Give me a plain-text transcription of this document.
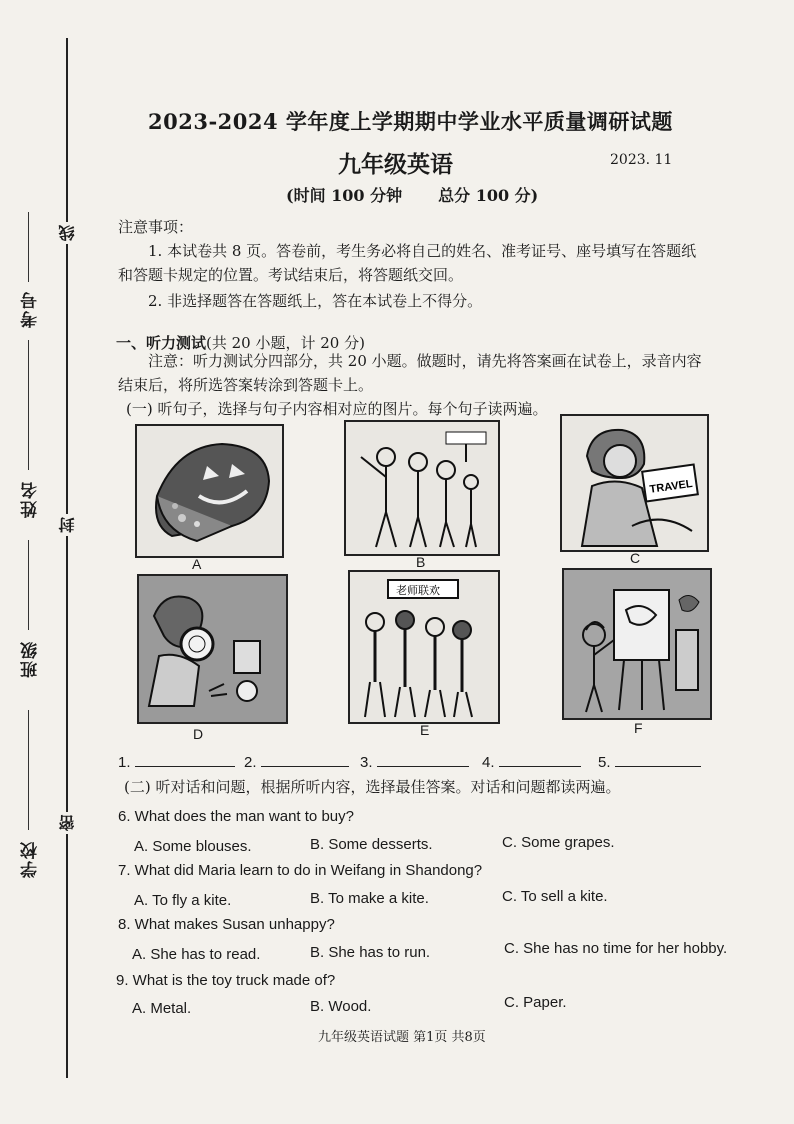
考号
姓名
班级
学校
线
封
密
2023-2024 学年度上学期期中学业水平质量调研试题
九年级英语	2023. 11
(时间 100 分钟 总分 100 分)
注意事项：
1. 本试卷共 8 页。答卷前，考生务必将自己的姓名、准考证号、座号填写在答题纸
和答题卡规定的位置。考试结束后，将答题纸交回。
2. 非选择题答在答题纸上，答在本试卷上不得分。
一、听力测试(共 20 小题，计 20 分)
注意：听力测试分四部分，共 20 小题。做题时，请先将答案画在试卷上，录音内容
结束后，将所选答案转涂到答题卡上。
(一) 听句子，选择与句子内容相对应的图片。每个句子读两遍。
A	B
TRAVEL
C
D
老师联欢
E	F
1.	2.	3.	4.	5.
(二) 听对话和问题，根据所听内容，选择最佳答案。对话和问题都读两遍。
6. What does the man want to buy?
A. Some blouses.	B. Some desserts.	C. Some grapes.
7. What did Maria learn to do in Weifang in Shandong?
A. To fly a kite.	B. To make a kite.	C. To sell a kite.
8. What makes Susan unhappy?
A. She has to read.	B. She has to run.	C. She has no time for her hobby.
9. What is the toy truck made of?
A. Metal.	B. Wood.	C. Paper.
九年级英语试题 第1页 共8页
